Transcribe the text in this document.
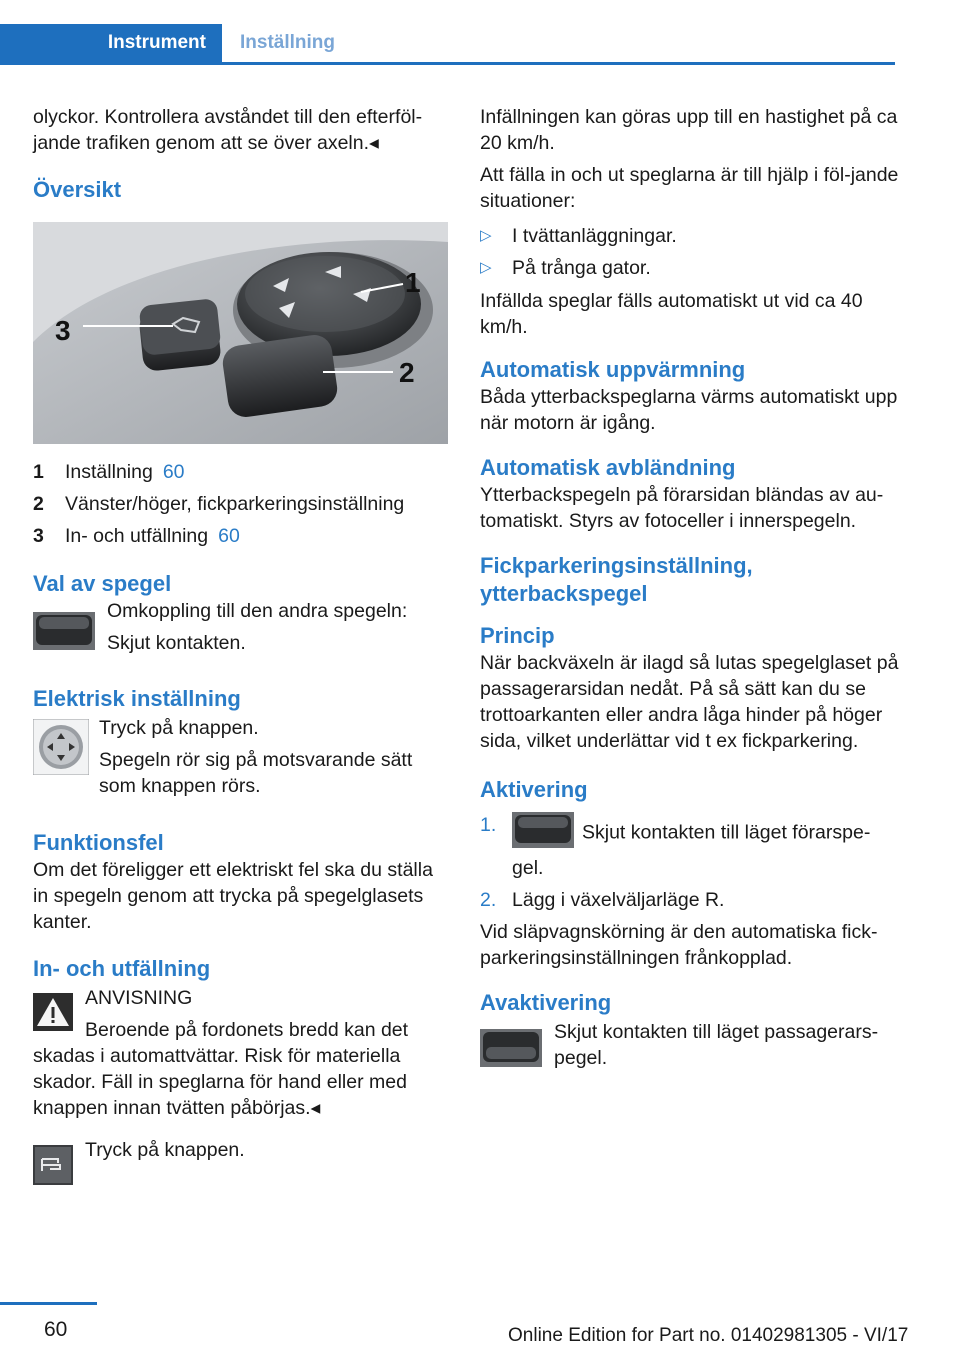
Instrument	Inställning

olyckor. Kontrollera avståndet till den efterföl‐jande trafiken genom att se över axeln.◂

Översikt
1
2
3
1	Inställning 60
2	Vänster/höger, fickparkeringsinställning
3	In- och utfällning 60
Val av spegel

Omkoppling till den andra spegeln:

Skjut kontakten.

Elektrisk inställning

Tryck på knappen.

Spegeln rör sig på motsvarande sätt som knappen rörs.

Funktionsfel

Om det föreligger ett elektriskt fel ska du ställa in spegeln genom att trycka på spegelglasets kanter.

In- och utfällning

ANVISNING

Beroende på fordonets bredd kan det

skadas i automattvättar. Risk för materiella skador. Fäll in speglarna för hand eller med knappen innan tvätten påbörjas.◂

Tryck på knappen.

Infällningen kan göras upp till en hastighet på ca 20 km/h.

Att fälla in och ut speglarna är till hjälp i föl‐jande situationer:

▷	I tvättanläggningar.
▷	På trånga gator.

Infällda speglar fälls automatiskt ut vid ca 40 km/h.

Automatisk uppvärmning

Båda ytterbackspeglarna värms automatiskt upp när motorn är igång.

Automatisk avbländning

Ytterbackspegeln på förarsidan bländas av au‐tomatiskt. Styrs av fotoceller i innerspegeln.

Fickparkeringsinställning, ytterbackspegel
Princip

När backväxeln är ilagd så lutas spegelglaset på passagerarsidan nedåt. På så sätt kan du se trottoarkanten eller andra låga hinder på höger sida, vilket underlättar vid t ex fickparkering.

Aktivering
1.	Skjut kontakten till läget förarspe‐gel.
2. Lägg i växelväljarläge R.

Vid släpvagnskörning är den automatiska fick‐parkeringsinställningen frånkopplad.

Avaktivering
Skjut kontakten till läget passagerars‐pegel.
60	Online Edition for Part no. 01402981305 - VI/17
